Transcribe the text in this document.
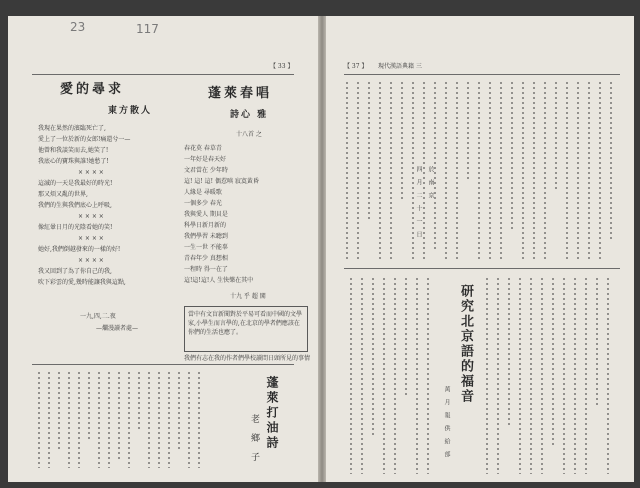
23	117
【 33 】
愛的尋求
東方散人
我現在果然的濱臨死亡了,
愛上了一位於新的女郎!痛還兮一—
他曾和我談笑而去,她笑了!
我底心的寶珠與誰!她愁了!
× × × ×
這滅的一天是我最好的時光!
那又煩又亂的世界,
我們的生與我們底心上呼吸,
× × × ×
像紅暈日月的光陰看她的笑!
× × × ×
她好,我們倒越發來的一樣的好!
× × × ×
我又回到了為了你自己的我,
吹下彩雲的愛,幾時能讓我與這點,
一九,四,二.夜
—爛漫讀者處—
蓬萊春唱
詩心 雅
十八首 之
春花莫 春草青
一年好是春天好
文君當在 少年時
這! 這! 這! 偶惹嗔 寂寞黃昏
人緣是 尋暖歌
一個多少 春光
我與愛人 期貝是
科學日新月新的
我們學習 未聽到
一生一世 不能辜
青春年少 真想相
一程時 得一在了
這!這!這!人 生快樂在其中
十九 乎 超 閣
當中有文盲新聞對於平易可看而中國的文學家,小學生而言學的,在北京的學者們應該在你們的生活也應了。
我們有志在我的作者們學校讀問日頭所見的事情
蓬萊打油詩
老 鄉 子
【 37 】 現代漢語典籍 三
於 南 京
四 月 二 十 一 日
研究北京語的福音
萬 月 報 供 給 部
